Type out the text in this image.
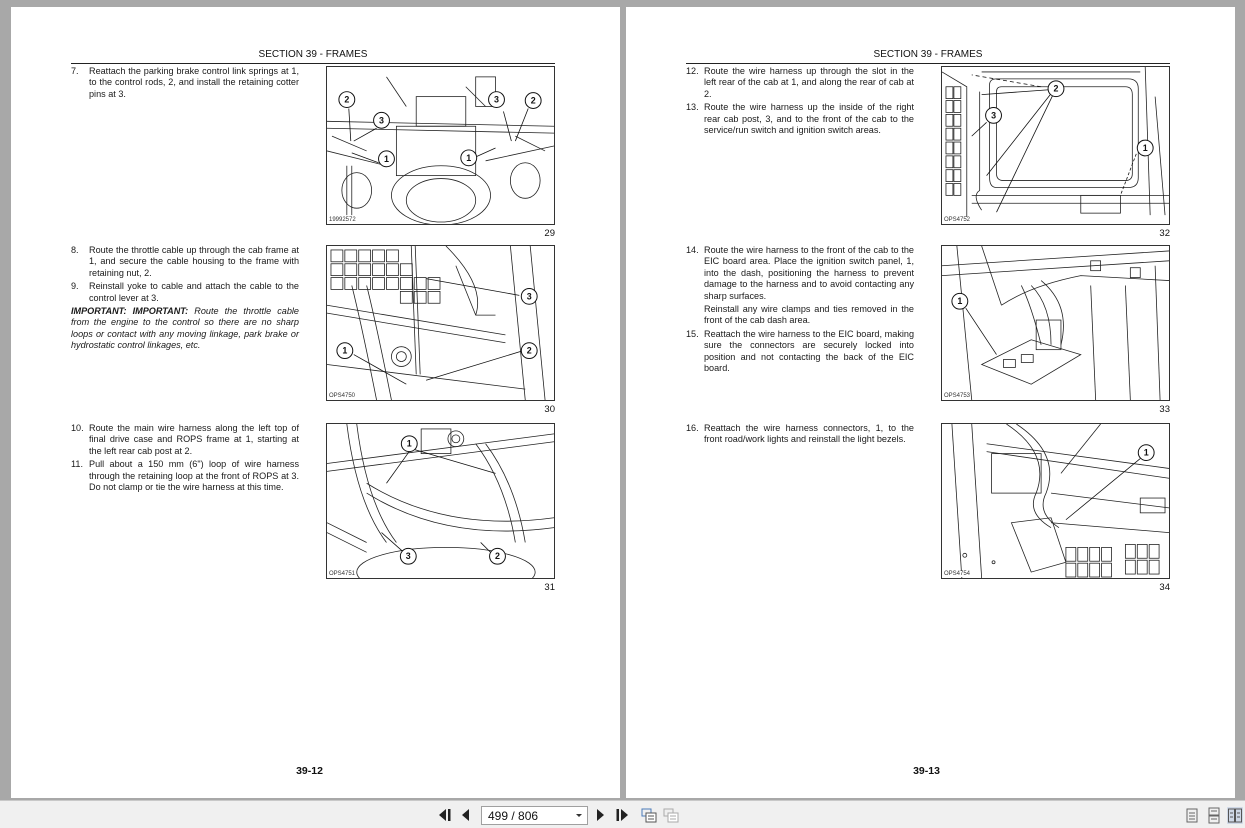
SECTION 39 - FRAMES
7.	Reattach the parking brake control link springs at 1, to the control rods, 2, and install the retaining cotter pins at 3.
2
3
3	2
1	1
19992572
29
8.	Route the throttle cable up through the cab frame at 1, and secure the cable housing to the frame with retaining nut, 2.
9.	Reinstall yoke to cable and attach the cable to the control lever at 3.
IMPORTANT: IMPORTANT: Route the throttle cable from the engine to the control so there are no sharp loops or contact with any moving linkage, park brake or hydrostatic control linkages, etc.
3
1	2
OPS4750
30
10. Route the main wire harness along the left top of final drive case and ROPS frame at 1, starting at the left rear cab post at 2.
11. Pull about a 150 mm (6") loop of wire harness through the retaining loop at the front of ROPS at 3. Do not clamp or tie the wire harness at this time.
1
3	2
OPS4751
31
39-12
SECTION 39 - FRAMES
12. Route the wire harness up through the slot in the left rear of the cab at 1, and along the rear of cab at 2.
13. Route the wire harness up the inside of the right rear cab post, 3, and to the front of the cab to the service/run switch and ignition switch areas.
2
3
1
OPS4752
32
14. Route the wire harness to the front of the cab to the EIC board area. Place the ignition switch panel, 1, into the dash, positioning the harness to prevent damage to the harness and to avoid contacting any sharp surfaces.
Reinstall any wire clamps and ties removed in the front of the cab dash area.
15. Reattach the wire harness to the EIC board, making sure the connectors are securely locked into position and not contacting the back of the EIC board.
1
OPS4753
33
16. Reattach the wire harness connectors, 1, to the front road/work lights and reinstall the light bezels.
1
OPS4754
34
39-13
499 / 806
